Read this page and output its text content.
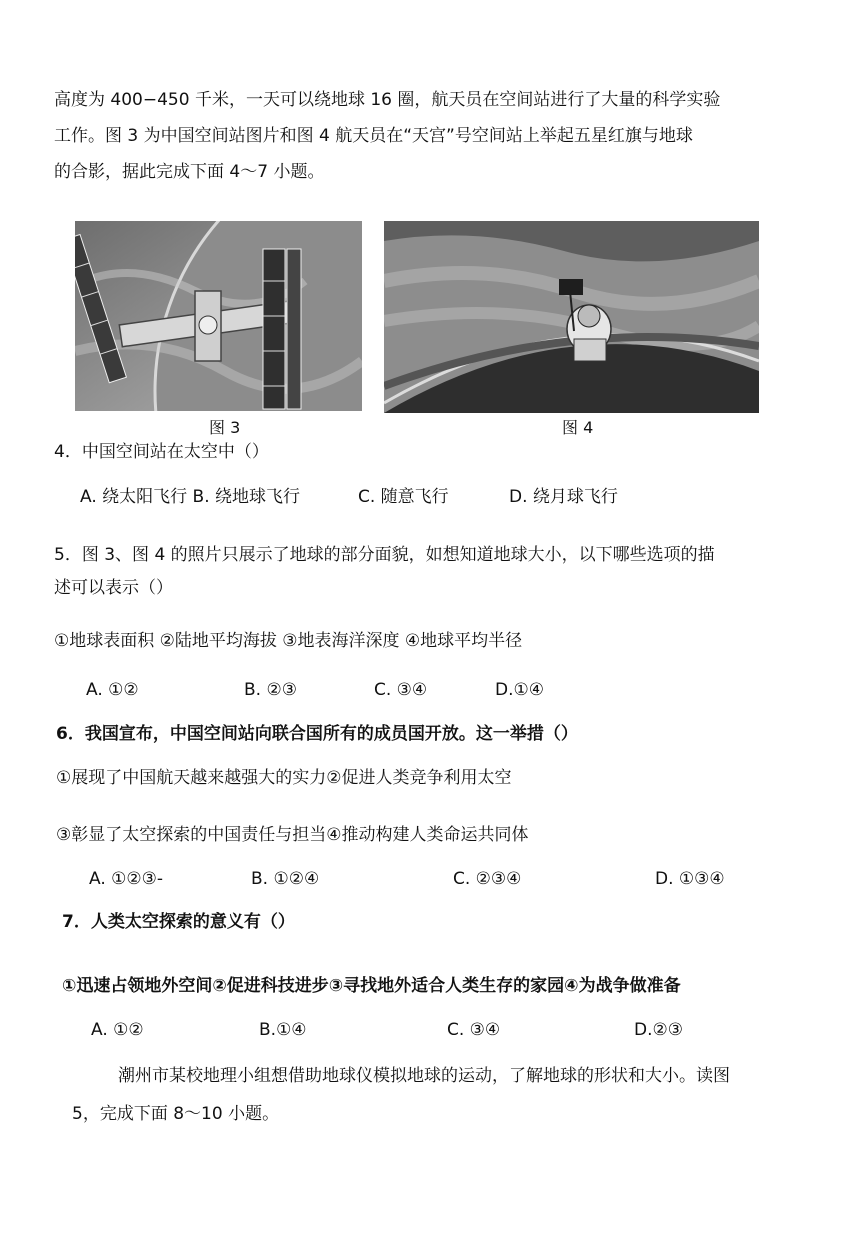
高度为 400−450 千米，一天可以绕地球 16 圈，航天员在空间站进行了大量的科学实验
工作。图 3 为中国空间站图片和图 4 航天员在“天宫”号空间站上举起五星红旗与地球
的合影，据此完成下面 4～7 小题。
图 3	图 4
4．中国空间站在太空中（）
A. 绕太阳飞行 B. 绕地球飞行	C. 随意飞行	D. 绕月球飞行
5．图 3、图 4 的照片只展示了地球的部分面貌，如想知道地球大小，以下哪些选项的描
述可以表示（）
①地球表面积 ②陆地平均海拔 ③地表海洋深度 ④地球平均半径
A. ①②	B. ②③	C. ③④	D.①④
6．我国宣布，中国空间站向联合国所有的成员国开放。这一举措（）
①展现了中国航天越来越强大的实力②促进人类竞争利用太空
③彰显了太空探索的中国责任与担当④推动构建人类命运共同体
A. ①②③-	B. ①②④	C. ②③④	D. ①③④
7．人类太空探索的意义有（）
①迅速占领地外空间②促进科技进步③寻找地外适合人类生存的家园④为战争做准备
A. ①②	B.①④	C. ③④	D.②③
潮州市某校地理小组想借助地球仪模拟地球的运动，了解地球的形状和大小。读图
5，完成下面 8～10 小题。
